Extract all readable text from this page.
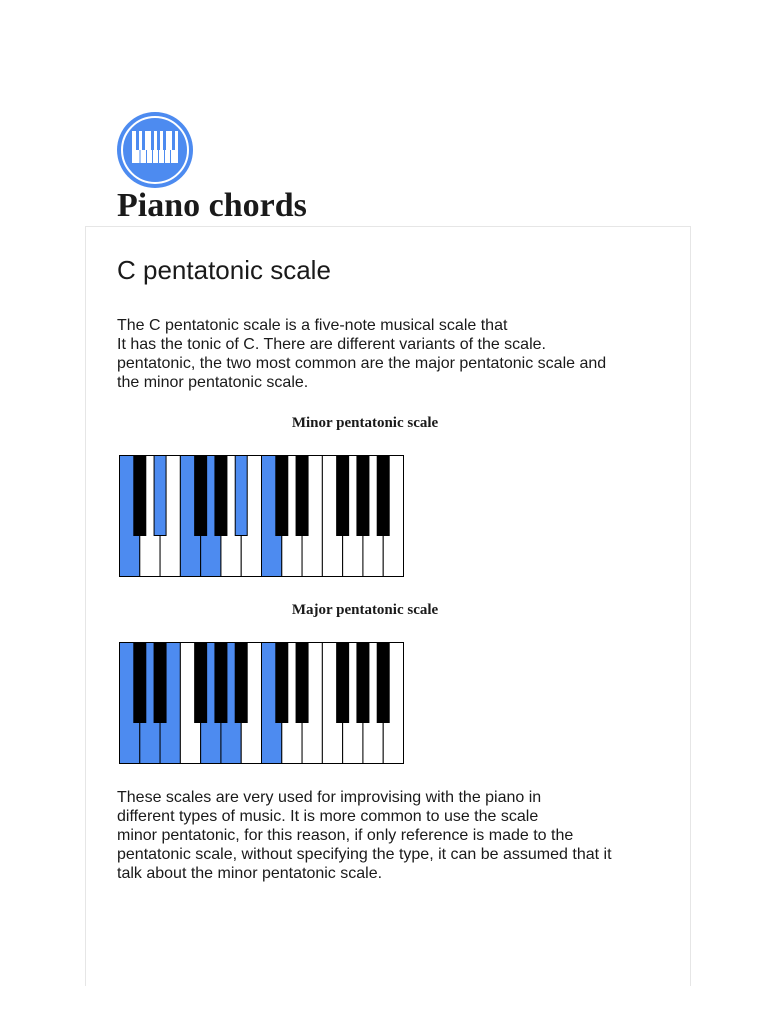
Piano chords
C pentatonic scale

The C pentatonic scale is a five-note musical scale that
It has the tonic of C. There are different variants of the scale.
pentatonic, the two most common are the major pentatonic scale and
the minor pentatonic scale.

Minor pentatonic scale
Major pentatonic scale

These scales are very used for improvising with the piano in
different types of music. It is more common to use the scale
minor pentatonic, for this reason, if only reference is made to the
pentatonic scale, without specifying the type, it can be assumed that it
talk about the minor pentatonic scale.
